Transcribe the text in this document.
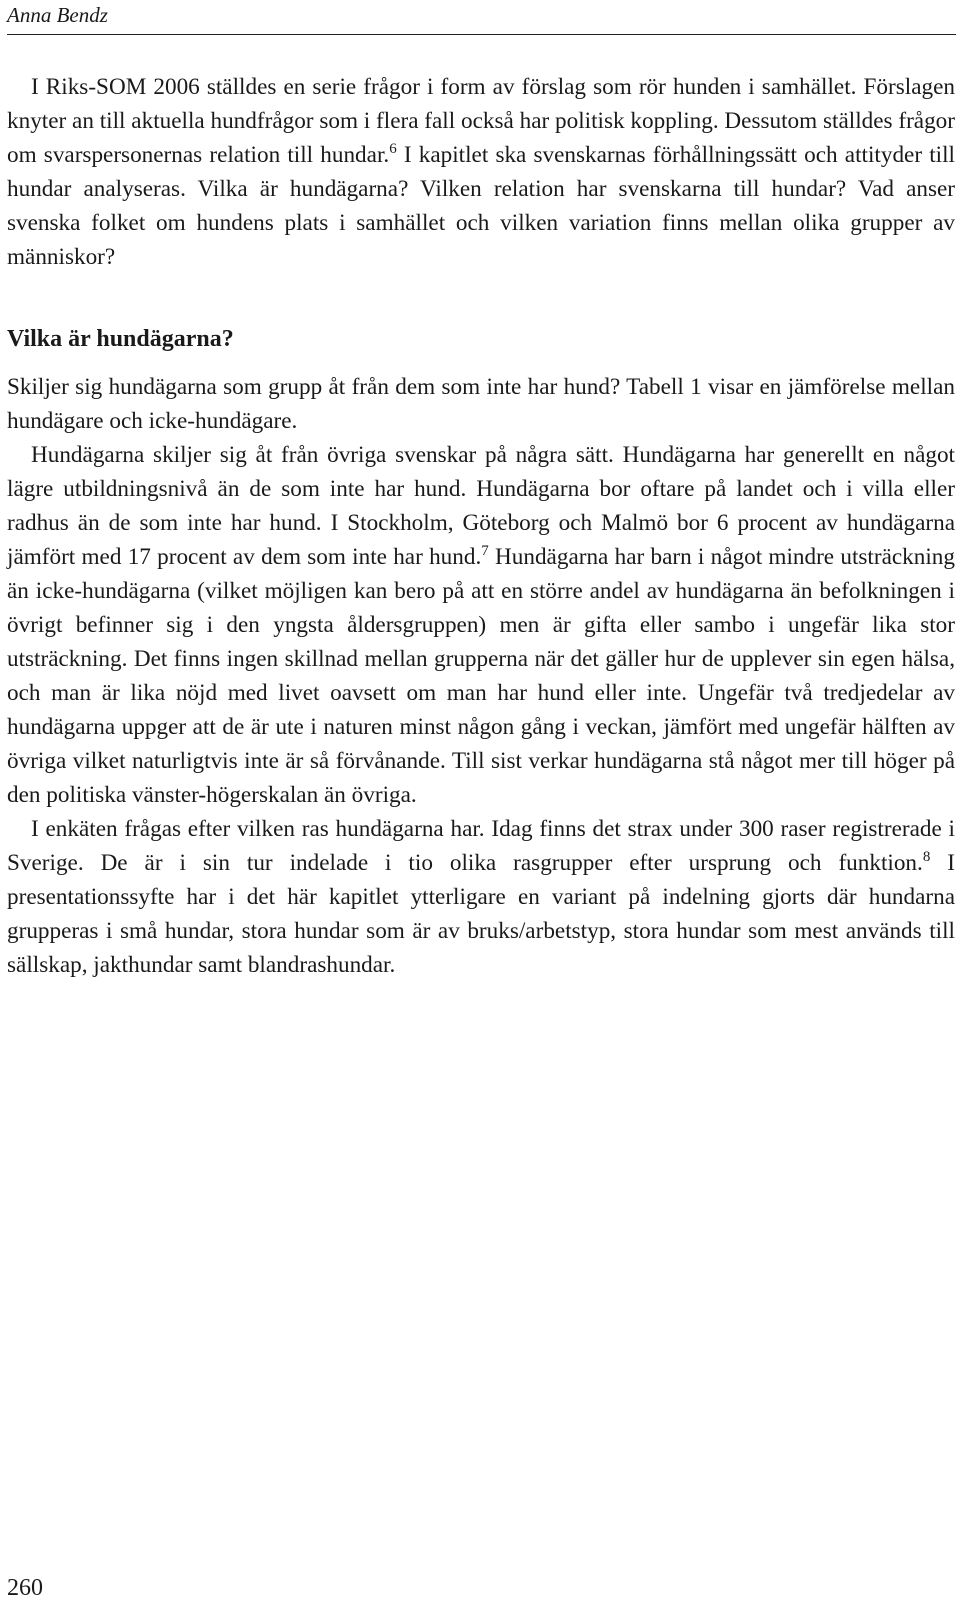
Anna Bendz

I Riks-SOM 2006 ställdes en serie frågor i form av förslag som rör hunden i samhället. Förslagen knyter an till aktuella hundfrågor som i flera fall också har politisk koppling. Dessutom ställdes frågor om svarspersonernas relation till hundar.$^6$ I kapitlet ska svenskarnas förhållningssätt och attityder till hundar analyseras. Vilka är hundägarna? Vilken relation har svenskarna till hundar? Vad anser svenska folket om hundens plats i samhället och vilken variation finns mellan olika grupper av människor?

Vilka är hundägarna?

Skiljer sig hundägarna som grupp åt från dem som inte har hund? Tabell 1 visar en jämförelse mellan hundägare och icke-hundägare.

Hundägarna skiljer sig åt från övriga svenskar på några sätt. Hundägarna har generellt en något lägre utbildningsnivå än de som inte har hund. Hundägarna bor oftare på landet och i villa eller radhus än de som inte har hund. I Stockholm, Göteborg och Malmö bor 6 procent av hundägarna jämfört med 17 procent av dem som inte har hund.$^7$ Hundägarna har barn i något mindre utsträckning än icke-hundägarna (vilket möjligen kan bero på att en större andel av hundägarna än befolkningen i övrigt befinner sig i den yngsta åldersgruppen) men är gifta eller sambo i ungefär lika stor utsträckning. Det finns ingen skillnad mellan grupperna när det gäller hur de upplever sin egen hälsa, och man är lika nöjd med livet oavsett om man har hund eller inte. Ungefär två tredjedelar av hundägarna uppger att de är ute i naturen minst någon gång i veckan, jämfört med ungefär hälften av övriga vilket naturligtvis inte är så förvånande. Till sist verkar hundägarna stå något mer till höger på den politiska vänster-högerskalan än övriga.

I enkäten frågas efter vilken ras hundägarna har. Idag finns det strax under 300 raser registrerade i Sverige. De är i sin tur indelade i tio olika rasgrupper efter ursprung och funktion.$^8$ I presentationssyfte har i det här kapitlet ytterligare en variant på indelning gjorts där hundarna grupperas i små hundar, stora hundar som är av bruks/arbetstyp, stora hundar som mest används till sällskap, jakthundar samt blandrashundar.

260
